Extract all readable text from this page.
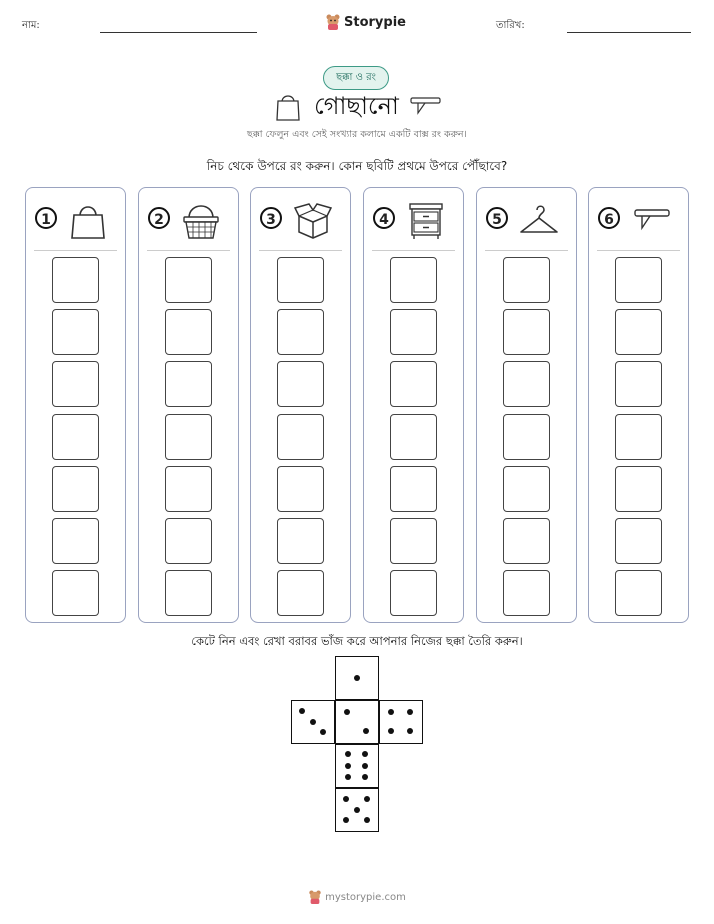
নাম:	Storypie	তারিখ:
ছক্কা ও রং
গোছানো
ছক্কা ফেলুন এবং সেই সংখ্যার কলামে একটি বাক্স রং করুন।
নিচ থেকে উপরে রং করুন। কোন ছবিটি প্রথমে উপরে পৌঁছাবে?
1	2	3	4	5	6
কেটে নিন এবং রেখা বরাবর ভাঁজ করে আপনার নিজের ছক্কা তৈরি করুন।
mystorypie.com
